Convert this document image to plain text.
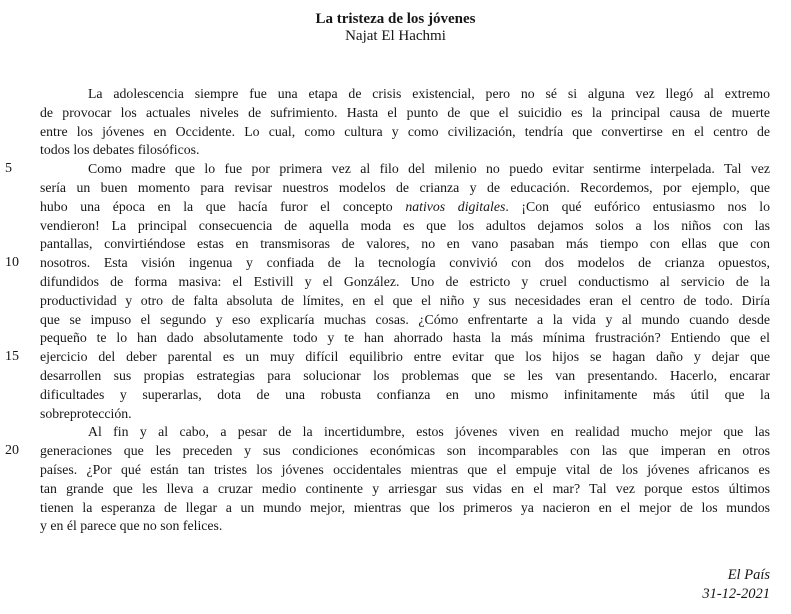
La tristeza de los jóvenes
Najat El Hachmi
La adolescencia siempre fue una etapa de crisis existencial, pero no sé si alguna vez llegó al extremo
de provocar los actuales niveles de sufrimiento. Hasta el punto de que el suicidio es la principal causa de muerte
entre los jóvenes en Occidente. Lo cual, como cultura y como civilización, tendría que convertirse en el centro de
todos los debates filosóficos.
5	Como madre que lo fue por primera vez al filo del milenio no puedo evitar sentirme interpelada. Tal vez
sería un buen momento para revisar nuestros modelos de crianza y de educación. Recordemos, por ejemplo, que
hubo una época en la que hacía furor el concepto nativos digitales. ¡Con qué eufórico entusiasmo nos lo
vendieron! La principal consecuencia de aquella moda es que los adultos dejamos solos a los niños con las
pantallas, convirtiéndose estas en transmisoras de valores, no en vano pasaban más tiempo con ellas que con
10	nosotros. Esta visión ingenua y confiada de la tecnología convivió con dos modelos de crianza opuestos,
difundidos de forma masiva: el Estivill y el González. Uno de estricto y cruel conductismo al servicio de la
productividad y otro de falta absoluta de límites, en el que el niño y sus necesidades eran el centro de todo. Diría
que se impuso el segundo y eso explicaría muchas cosas. ¿Cómo enfrentarte a la vida y al mundo cuando desde
pequeño te lo han dado absolutamente todo y te han ahorrado hasta la más mínima frustración? Entiendo que el
15	ejercicio del deber parental es un muy difícil equilibrio entre evitar que los hijos se hagan daño y dejar que
desarrollen sus propias estrategias para solucionar los problemas que se les van presentando. Hacerlo, encarar
dificultades y superarlas, dota de una robusta confianza en uno mismo infinitamente más útil que la
sobreprotección.
Al fin y al cabo, a pesar de la incertidumbre, estos jóvenes viven en realidad mucho mejor que las
20	generaciones que les preceden y sus condiciones económicas son incomparables con las que imperan en otros
países. ¿Por qué están tan tristes los jóvenes occidentales mientras que el empuje vital de los jóvenes africanos es
tan grande que les lleva a cruzar medio continente y arriesgar sus vidas en el mar? Tal vez porque estos últimos
tienen la esperanza de llegar a un mundo mejor, mientras que los primeros ya nacieron en el mejor de los mundos
y en él parece que no son felices.
El País
31-12-2021
